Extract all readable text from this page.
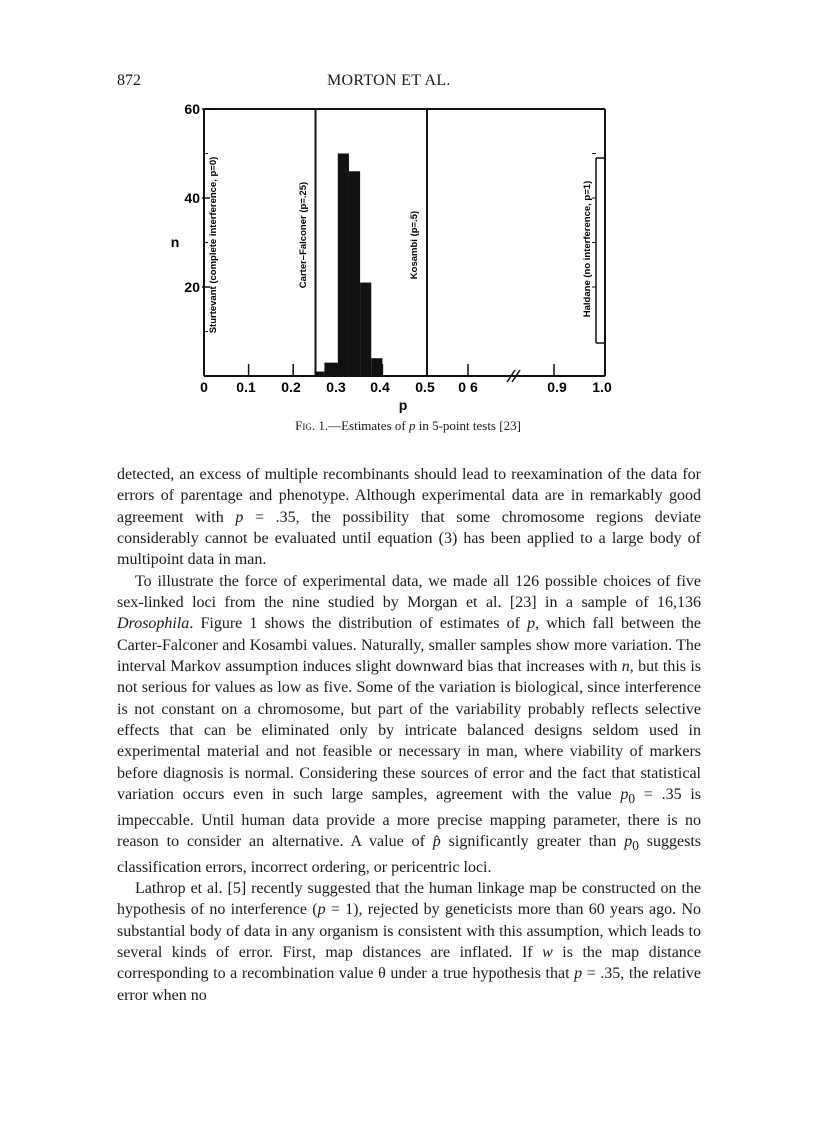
872	MORTON ET AL.
Sturtevant (complete interference, p=0)	Carter–Falconer (p=.25)	Kosambi (p=.5)	Haldane (no interference, p=1)
20
40
60
0 0.1 0.2 0.3 0.4 0.5 0 6	0.9 1.0
n
p
Fig. 1.—Estimates of p in 5-point tests [23]

detected, an excess of multiple recombinants should lead to reexamination of the data for errors of parentage and phenotype. Although experimental data are in remarkably good agreement with p = .35, the possibility that some chromosome regions deviate considerably cannot be evaluated until equation (3) has been applied to a large body of multipoint data in man.

To illustrate the force of experimental data, we made all 126 possible choices of five sex-linked loci from the nine studied by Morgan et al. [23] in a sample of 16,136 Drosophila. Figure 1 shows the distribution of estimates of p, which fall between the Carter-Falconer and Kosambi values. Naturally, smaller samples show more variation. The interval Markov assumption induces slight downward bias that increases with n, but this is not serious for values as low as five. Some of the variation is biological, since interference is not constant on a chromosome, but part of the variability probably reflects selective effects that can be eliminated only by intricate balanced designs seldom used in experimental material and not feasible or necessary in man, where viability of markers before diagnosis is normal. Considering these sources of error and the fact that statistical variation occurs even in such large samples, agreement with the value $p_0 = .35$ is impeccable. Until human data provide a more precise mapping parameter, there is no reason to consider an alternative. A value of p̂ significantly greater than $p_0$ suggests classification errors, incorrect ordering, or pericentric loci.

Lathrop et al. [5] recently suggested that the human linkage map be constructed on the hypothesis of no interference (p = 1), rejected by geneticists more than 60 years ago. No substantial body of data in any organism is consistent with this assumption, which leads to several kinds of error. First, map distances are inflated. If w is the map distance corresponding to a recombination value θ under a true hypothesis that p = .35, the relative error when no
